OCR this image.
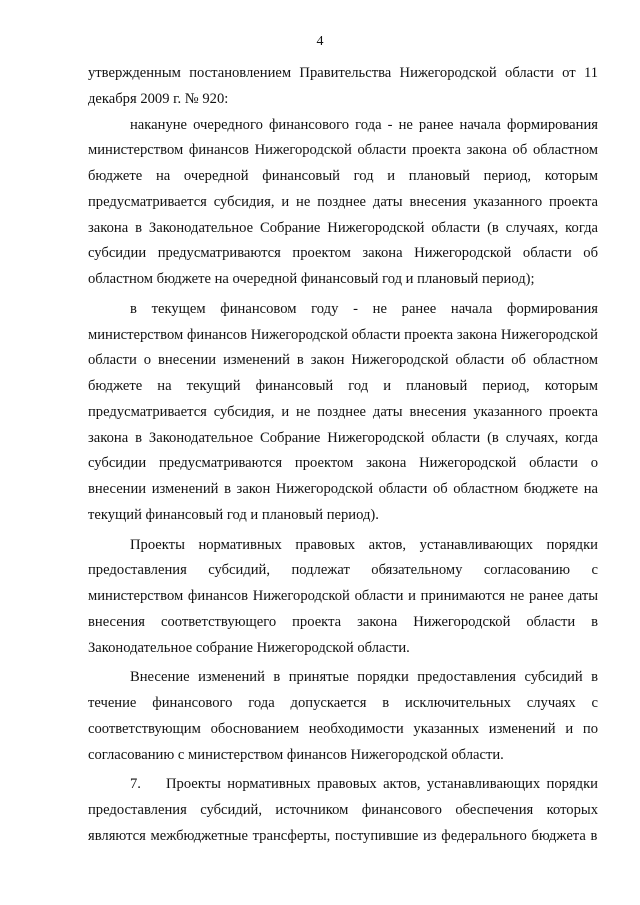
4

утвержденным постановлением Правительства Нижегородской области от 11 декабря 2009 г. № 920:

накануне очередного финансового года - не ранее начала формирования министерством финансов Нижегородской области проекта закона об областном бюджете на очередной финансовый год и плановый период, которым предусматривается субсидия, и не позднее даты внесения указанного проекта закона в Законодательное Собрание Нижегородской области (в случаях, когда субсидии предусматриваются проектом закона Нижегородской области об областном бюджете на очередной финансовый год и плановый период);

в текущем финансовом году - не ранее начала формирования министерством финансов Нижегородской области проекта закона Нижегородской области о внесении изменений в закон Нижегородской области об областном бюджете на текущий финансовый год и плановый период, которым предусматривается субсидия, и не позднее даты внесения указанного проекта закона в Законодательное Собрание Нижегородской области (в случаях, когда субсидии предусматриваются проектом закона Нижегородской области о внесении изменений в закон Нижегородской области об областном бюджете на текущий финансовый год и плановый период).

Проекты нормативных правовых актов, устанавливающих порядки предоставления субсидий, подлежат обязательному согласованию с министерством финансов Нижегородской области и принимаются не ранее даты внесения соответствующего проекта закона Нижегородской области в Законодательное собрание Нижегородской области.

Внесение изменений в принятые порядки предоставления субсидий в течение финансового года допускается в исключительных случаях с соответствующим обоснованием необходимости указанных изменений и по согласованию с министерством финансов Нижегородской области.

7. Проекты нормативных правовых актов, устанавливающих порядки предоставления субсидий, источником финансового обеспечения которых являются межбюджетные трансферты, поступившие из федерального бюджета в
